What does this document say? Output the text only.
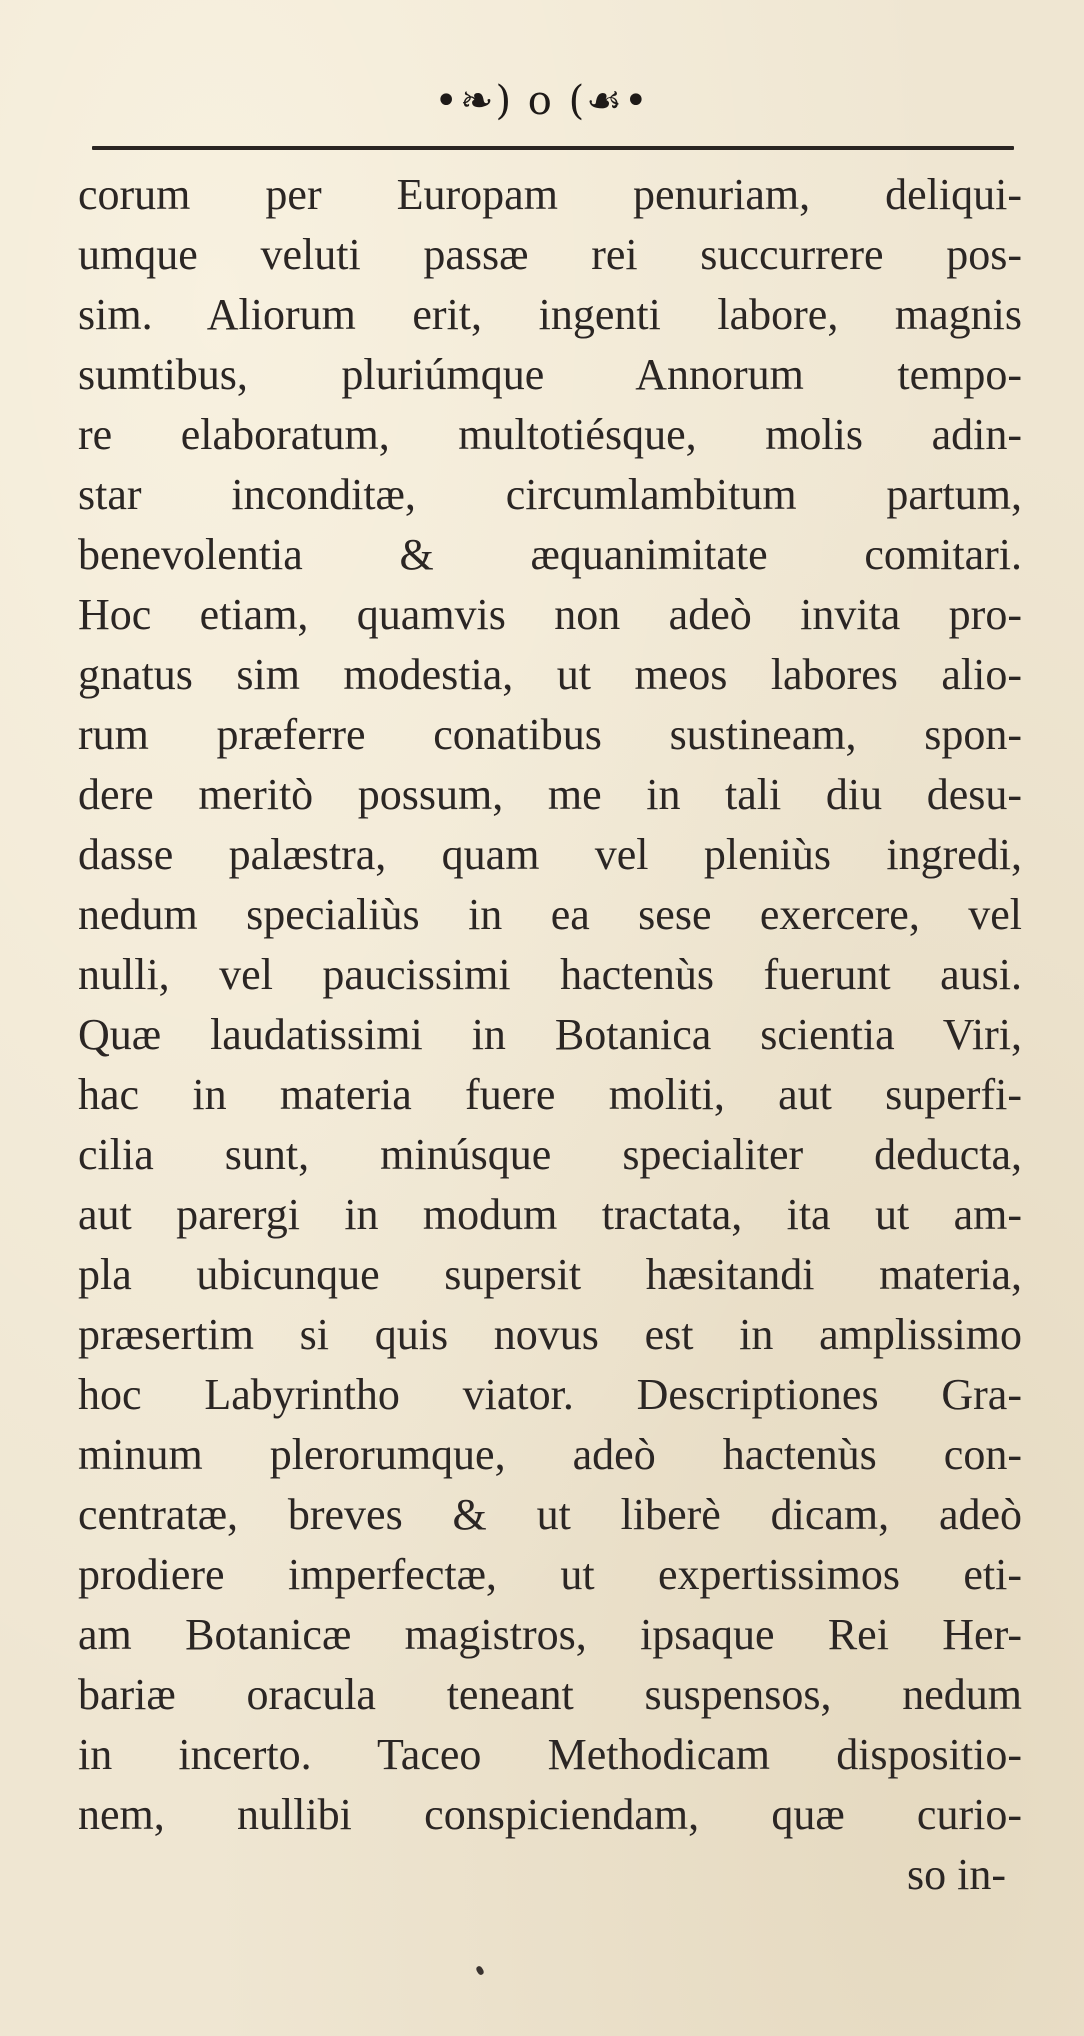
•❧) o (☙•
corum per Europam penuriam, deliqui-
umque veluti passæ rei succurrere pos-
sim. Aliorum erit, ingenti labore, magnis
sumtibus, pluriúmque Annorum tempo-
re elaboratum, multotiésque, molis adin-
star inconditæ, circumlambitum partum,
benevolentia & æquanimitate comitari.
Hoc etiam, quamvis non adeò invita pro-
gnatus sim modestia, ut meos labores alio-
rum præferre conatibus sustineam, spon-
dere meritò possum, me in tali diu desu-
dasse palæstra, quam vel pleniùs ingredi,
nedum specialiùs in ea sese exercere, vel
nulli, vel paucissimi hactenùs fuerunt ausi.
Quæ laudatissimi in Botanica scientia Viri,
hac in materia fuere moliti, aut superfi-
cilia sunt, minúsque specialiter deducta,
aut parergi in modum tractata, ita ut am-
pla ubicunque supersit hæsitandi materia,
præsertim si quis novus est in amplissimo
hoc Labyrintho viator. Descriptiones Gra-
minum plerorumque, adeò hactenùs con-
centratæ, breves & ut liberè dicam, adeò
prodiere imperfectæ, ut expertissimos eti-
am Botanicæ magistros, ipsaque Rei Her-
bariæ oracula teneant suspensos, nedum
in incerto. Taceo Methodicam dispositio-
nem, nullibi conspiciendam, quæ curio-
so in-
